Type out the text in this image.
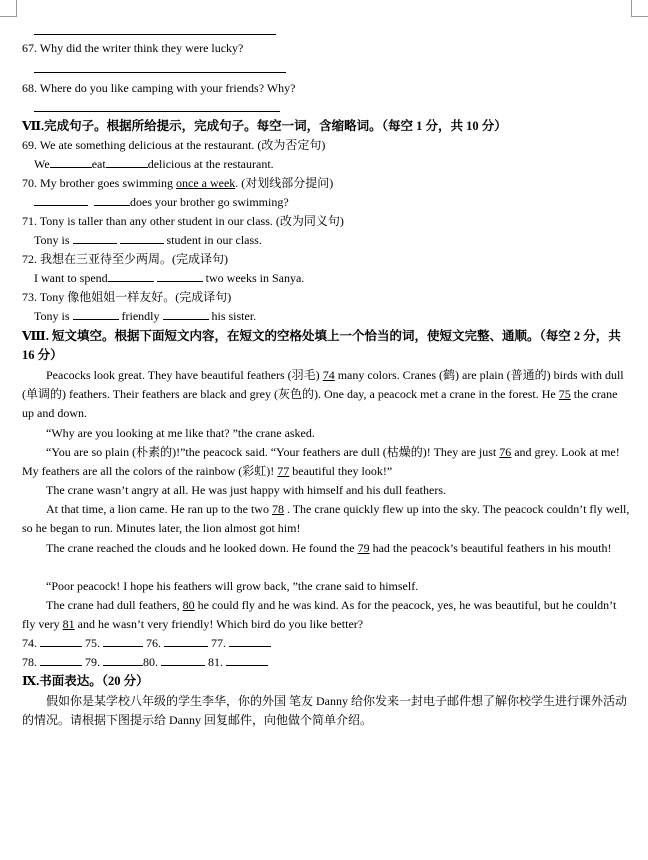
67. Why did the writer think they were lucky?
68. Where do you like camping with your friends? Why?
Ⅶ.完成句子。根据所给提示，完成句子。每空一词，含缩略词。（每空 1 分，共 10 分）
69. We ate something delicious at the restaurant. (改为否定句)
We	eat	delicious at the restaurant.
70. My brother goes swimming once a week. (对划线部分提问)
does your brother go swimming?
71. Tony is taller than any other student in our class. (改为同义句)
Tony is	student in our class.
72. 我想在三亚待至少两周。(完成译句)
I want to spend	two weeks in Sanya.
73. Tony 像他姐姐一样友好。(完成译句)
Tony is	friendly	his sister.
Ⅷ. 短文填空。根据下面短文内容，在短文的空格处填上一个恰当的词，使短文完整、通顺。（每空 2 分，共 16 分）
Peacocks look great. They have beautiful feathers (羽毛) 74 many colors. Cranes (鹤) are plain (普通的) birds with dull (单调的) feathers. Their feathers are black and grey (灰色的). One day, a peacock met a crane in the forest. He 75 the crane up and down.
“Why are you looking at me like that? ”the crane asked.
“You are so plain (朴素的)!”the peacock said. “Your feathers are dull (枯燥的)! They are just 76 and grey. Look at me! My feathers are all the colors of the rainbow (彩虹)! 77 beautiful they look!”
The crane wasn’t angry at all. He was just happy with himself and his dull feathers.
At that time, a lion came. He ran up to the two 78 . The crane quickly flew up into the sky. The peacock couldn’t fly well, so he began to run. Minutes later, the lion almost got him!
The crane reached the clouds and he looked down. He found the 79 had the peacock’s beautiful feathers in his mouth!
“Poor peacock! I hope his feathers will grow back, ”the crane said to himself.
The crane had dull feathers, 80 he could fly and he was kind. As for the peacock, yes, he was beautiful, but he couldn’t fly very 81 and he wasn’t very friendly! Which bird do you like better?
74.	75.	76.	77.
78.	79.	80.	81.
Ⅸ.书面表达。（20 分）
假如你是某学校八年级的学生李华，你的外国 笔友 Danny 给你发来一封电子邮件想了解你校学生进行课外活动的情况。请根据下图提示给 Danny 回复邮件，向他做个简单介绍。
